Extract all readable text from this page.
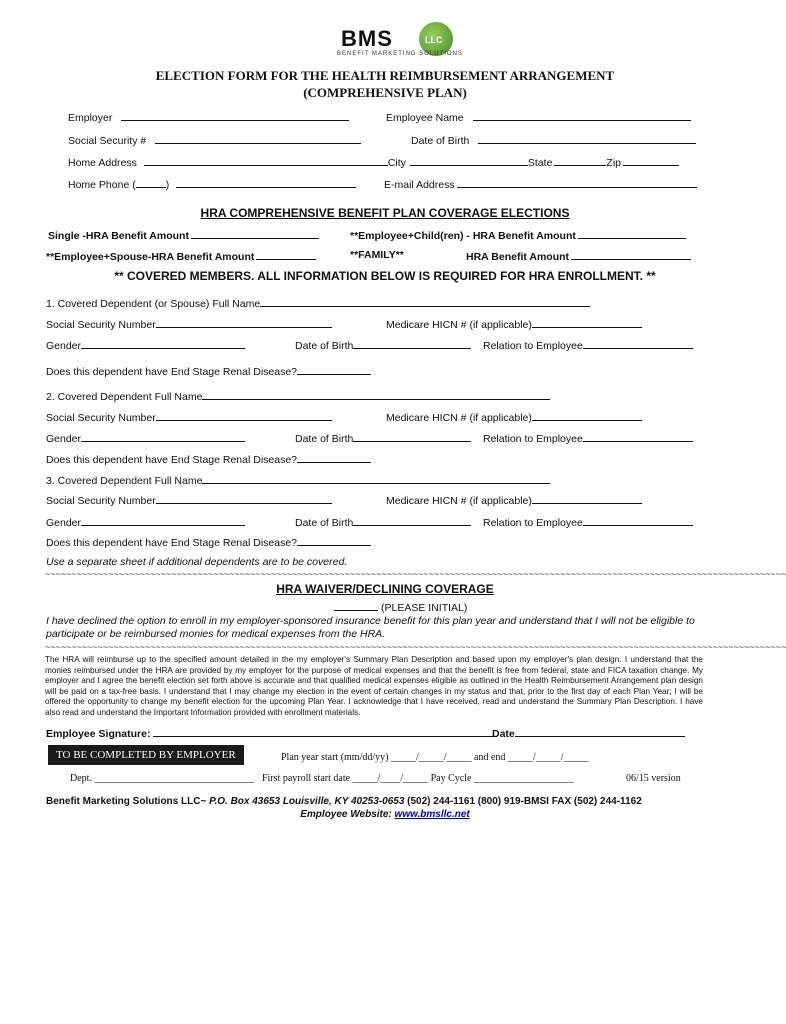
BMS	LLC
BENEFIT MARKETING SOLUTIONS
ELECTION FORM FOR THE HEALTH REIMBURSEMENT ARRANGEMENT
(COMPREHENSIVE PLAN)
Employer	Employee Name
Social Security #	Date of Birth
Home Address	City	State	Zip
Home Phone (	)	E-mail Address
HRA COMPREHENSIVE BENEFIT PLAN COVERAGE ELECTIONS
Single -HRA Benefit Amount	**Employee+Child(ren) - HRA Benefit Amount
**Employee+Spouse-HRA Benefit Amount	**FAMILY**	HRA Benefit Amount
** COVERED MEMBERS. ALL INFORMATION BELOW IS REQUIRED FOR HRA ENROLLMENT. **
1. Covered Dependent (or Spouse) Full Name
Social Security Number	Medicare HICN # (if applicable)
Gender	Date of Birth	Relation to Employee
Does this dependent have End Stage Renal Disease?
2. Covered Dependent Full Name
Social Security Number	Medicare HICN # (if applicable)
Gender	Date of Birth	Relation to Employee
Does this dependent have End Stage Renal Disease?
3. Covered Dependent Full Name
Social Security Number	Medicare HICN # (if applicable)
Gender	Date of Birth	Relation to Employee
Does this dependent have End Stage Renal Disease?
Use a separate sheet if additional dependents are to be covered.
~~~~~~~~~~~~~~~~~~~~~~~~~~~~~~~~~~~~~~~~~~~~~~~~~~~~~~~~~~~~~~~~~~~~~~~~~~~~~~~~~~~~~~~~~~~~~~~~~~~~~~~~~~~~~~~~~~~~~~~~~~~~~~~~~~~~~~~~~~~~~
HRA WAIVER/DECLINING COVERAGE
(PLEASE INITIAL)
I have declined the option to enroll in my employer-sponsored insurance benefit for this plan year and understand that I will not be eligible to participate or be reimbursed monies for medical expenses from the HRA.
~~~~~~~~~~~~~~~~~~~~~~~~~~~~~~~~~~~~~~~~~~~~~~~~~~~~~~~~~~~~~~~~~~~~~~~~~~~~~~~~~~~~~~~~~~~~~~~~~~~~~~~~~~~~~~~~~~~~~~~~~~~~~~~~~~~~~~~~~~~~~
The HRA will reimburse up to the specified amount detailed in the my employer's Summary Plan Description and based upon my employer's plan design. I understand that the monies reimbursed under the HRA are provided by my employer for the purpose of medical expenses and that the benefit is free from federal, state and FICA taxation change. My employer and I agree the benefit election set forth above is accurate and that qualified medical expenses eligible as outlined in the Health Reimbursement Arrangement plan design will be paid on a tax-free basis. I understand that I may change my election in the event of certain changes in my status and that, prior to the first day of each Plan Year; I will be offered the opportunity to change my benefit election for the upcoming Plan Year. I acknowledge that I have received, read and understand the Summary Plan Description. I have also read and understand the Important Information provided with enrollment materials.
Employee Signature:	Date
TO BE COMPLETED BY EMPLOYER	Plan year start (mm/dd/yy) _____/_____/_____ and end _____/_____/_____
Dept. ________________________________ First payroll start date _____/____/_____ Pay Cycle ____________________	06/15 version
Benefit Marketing Solutions LLC~ P.O. Box 43653 Louisville, KY 40253-0653 (502) 244-1161 (800) 919-BMSI FAX (502) 244-1162
Employee Website: www.bmsllc.net
